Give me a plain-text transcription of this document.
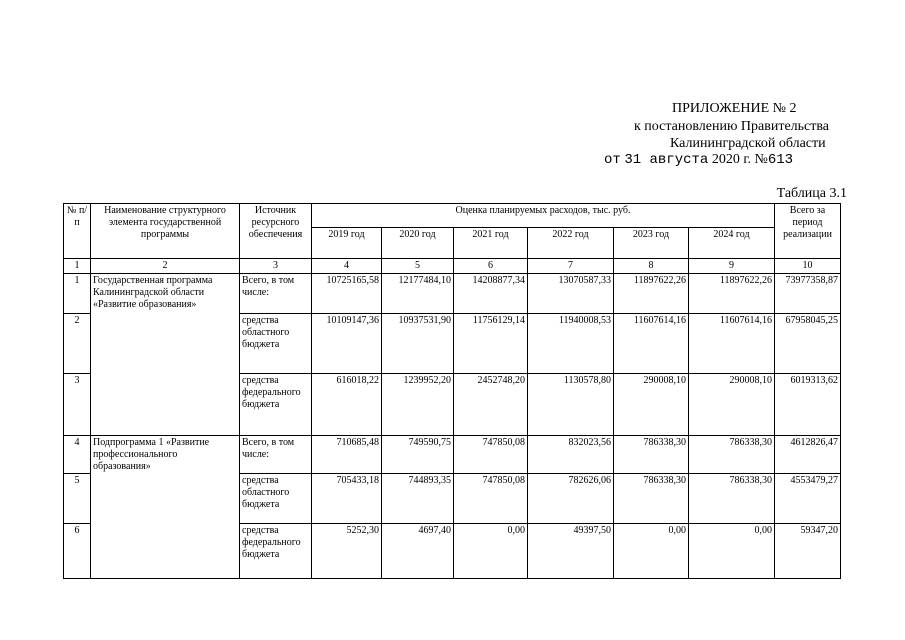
ПРИЛОЖЕНИЕ № 2
к постановлению Правительства
Калининградской области
от 31 августа 2020 г. №613
Таблица 3.1
№ п/п	Наименование структурного элемента государственной программы	Источник ресурсного обеспечения	Оценка планируемых расходов, тыс. руб.						Всего за период реализации
			2019 год	2020 год	2021 год	2022 год	2023 год	2024 год	
1	2	3	4	5	6	7	8	9	10
1	Государственная программа Калининградской области «Развитие образования»	Всего, в том числе:	10725165,58	12177484,10	14208877,34	13070587,33	11897622,26	11897622,26	73977358,87
2		средства областного бюджета	10109147,36	10937531,90	11756129,14	11940008,53	11607614,16	11607614,16	67958045,25
3		средства федерального бюджета	616018,22	1239952,20	2452748,20	1130578,80	290008,10	290008,10	6019313,62
4	Подпрограмма 1 «Развитие профессионального образования»	Всего, в том числе:	710685,48	749590,75	747850,08	832023,56	786338,30	786338,30	4612826,47
5		средства областного бюджета	705433,18	744893,35	747850,08	782626,06	786338,30	786338,30	4553479,27
6		средства федерального бюджета	5252,30	4697,40	0,00	49397,50	0,00	0,00	59347,20
